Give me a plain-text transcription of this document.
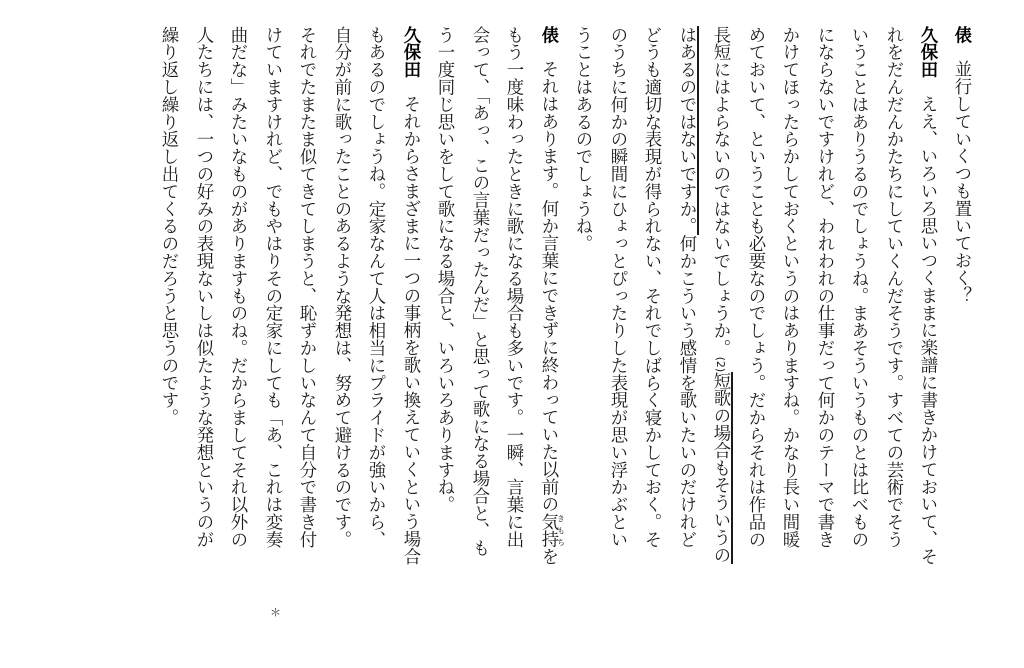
俵並行していくつも置いておく？
久保田ええ、いろいろ思いつくままに楽譜に書きかけておいて、そ
れをだんだんかたちにしていくんだそうです。すべての芸術でそう
いうことはありうるのでしょうね。まあそういうものとは比べもの
にならないですけれど、われわれの仕事だって何かのテーマで書き
かけてほったらかしておくというのはありますね。かなり長い間暖
めておいて、ということも必要なのでしょう。だからそれは作品の
長短にはよらないのではないでしょうか。(2)短歌の場合もそういうの
はあるのではないですか。何かこういう感情を歌いたいのだけれど
どうも適切な表現が得られない、それでしばらく寝かしておく。そ
のうちに何かの瞬間にひょっとぴったりした表現が思い浮かぶとい
うことはあるのでしょうね。
俵それはあります。何か言葉にできずに終わっていた以前の気持きもちを
もう一度味わったときに歌になる場合も多いです。一瞬、言葉に出
会って、「あっ、この言葉だったんだ」と思って歌になる場合と、も
う一度同じ思いをして歌になる場合と、いろいろありますね。
久保田それからさまざまに一つの事柄を歌い換えていくという場合
もあるのでしょうね。定家なんて人は相当にプライドが強いから、
自分が前に歌ったことのあるような発想は、努めて避けるのです。
それでたまたま似てきてしまうと、恥ずかしいなんて自分で書き付
けていますけれど、でもやはりその定家にしても「あ、これは変奏
＊
曲だな」みたいなものがありますものね。だからましてそれ以外の
人たちには、一つの好みの表現ないしは似たような発想というのが
繰り返し繰り返し出てくるのだろうと思うのです。
